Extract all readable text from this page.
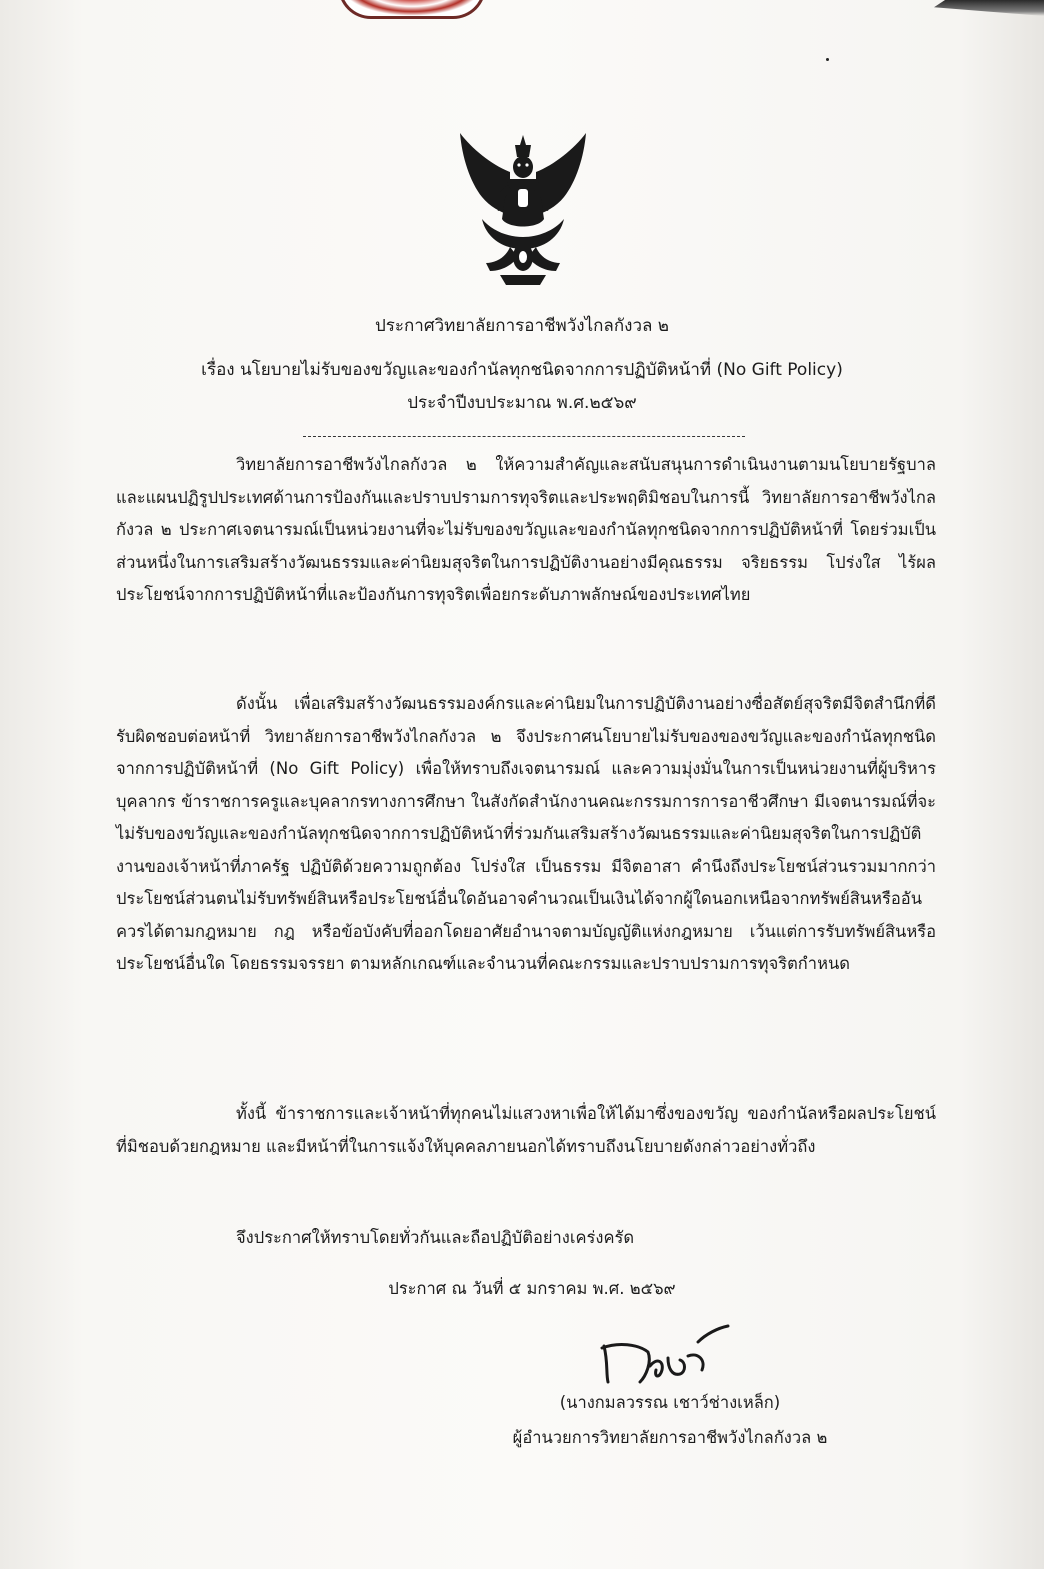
ประกาศวิทยาลัยการอาชีพวังไกลกังวล ๒
เรื่อง นโยบายไม่รับของขวัญและของกำนัลทุกชนิดจากการปฏิบัติหน้าที่ (No Gift Policy)
ประจำปีงบประมาณ พ.ศ.๒๕๖๙

วิทยาลัยการอาชีพวังไกลกังวล ๒ ให้ความสำคัญและสนับสนุนการดำเนินงานตามนโยบายรัฐบาล และแผนปฏิรูปประเทศด้านการป้องกันและปราบปรามการทุจริตและประพฤติมิชอบในการนี้ วิทยาลัยการอาชีพวังไกลกังวล ๒ ประกาศเจตนารมณ์เป็นหน่วยงานที่จะไม่รับของขวัญและของกำนัลทุกชนิดจากการปฏิบัติหน้าที่ โดยร่วมเป็นส่วนหนึ่งในการเสริมสร้างวัฒนธรรมและค่านิยมสุจริตในการปฏิบัติงานอย่างมีคุณธรรม จริยธรรม โปร่งใส ไร้ผลประโยชน์จากการปฏิบัติหน้าที่และป้องกันการทุจริตเพื่อยกระดับภาพลักษณ์ของประเทศไทย

ดังนั้น เพื่อเสริมสร้างวัฒนธรรมองค์กรและค่านิยมในการปฏิบัติงานอย่างซื่อสัตย์สุจริตมีจิตสำนึกที่ดี รับผิดชอบต่อหน้าที่ วิทยาลัยการอาชีพวังไกลกังวล ๒ จึงประกาศนโยบายไม่รับของของขวัญและของกำนัลทุกชนิดจากการปฏิบัติหน้าที่ (No Gift Policy) เพื่อให้ทราบถึงเจตนารมณ์ และความมุ่งมั่นในการเป็นหน่วยงานที่ผู้บริหาร บุคลากร ข้าราชการครูและบุคลากรทางการศึกษา ในสังกัดสำนักงานคณะกรรมการการอาชีวศึกษา มีเจตนารมณ์ที่จะไม่รับของขวัญและของกำนัลทุกชนิดจากการปฏิบัติหน้าที่ร่วมกันเสริมสร้างวัฒนธรรมและค่านิยมสุจริตในการปฏิบัติงานของเจ้าหน้าที่ภาครัฐ ปฏิบัติด้วยความถูกต้อง โปร่งใส เป็นธรรม มีจิตอาสา คำนึงถึงประโยชน์ส่วนรวมมากกว่าประโยชน์ส่วนตนไม่รับทรัพย์สินหรือประโยชน์อื่นใดอันอาจคำนวณเป็นเงินได้จากผู้ใดนอกเหนือจากทรัพย์สินหรืออันควรได้ตามกฎหมาย กฎ หรือข้อบังคับที่ออกโดยอาศัยอำนาจตามบัญญัติแห่งกฎหมาย เว้นแต่การรับทรัพย์สินหรือประโยชน์อื่นใด โดยธรรมจรรยา ตามหลักเกณฑ์และจำนวนที่คณะกรรมและปราบปรามการทุจริตกำหนด

ทั้งนี้ ข้าราชการและเจ้าหน้าที่ทุกคนไม่แสวงหาเพื่อให้ได้มาซึ่งของขวัญ ของกำนัลหรือผลประโยชน์ที่มิชอบด้วยกฎหมาย และมีหน้าที่ในการแจ้งให้บุคคลภายนอกได้ทราบถึงนโยบายดังกล่าวอย่างทั่วถึง

จึงประกาศให้ทราบโดยทั่วกันและถือปฏิบัติอย่างเคร่งครัด

ประกาศ ณ วันที่ ๕ มกราคม พ.ศ. ๒๕๖๙
(นางกมลวรรณ เชาว์ช่างเหล็ก)
ผู้อำนวยการวิทยาลัยการอาชีพวังไกลกังวล ๒
